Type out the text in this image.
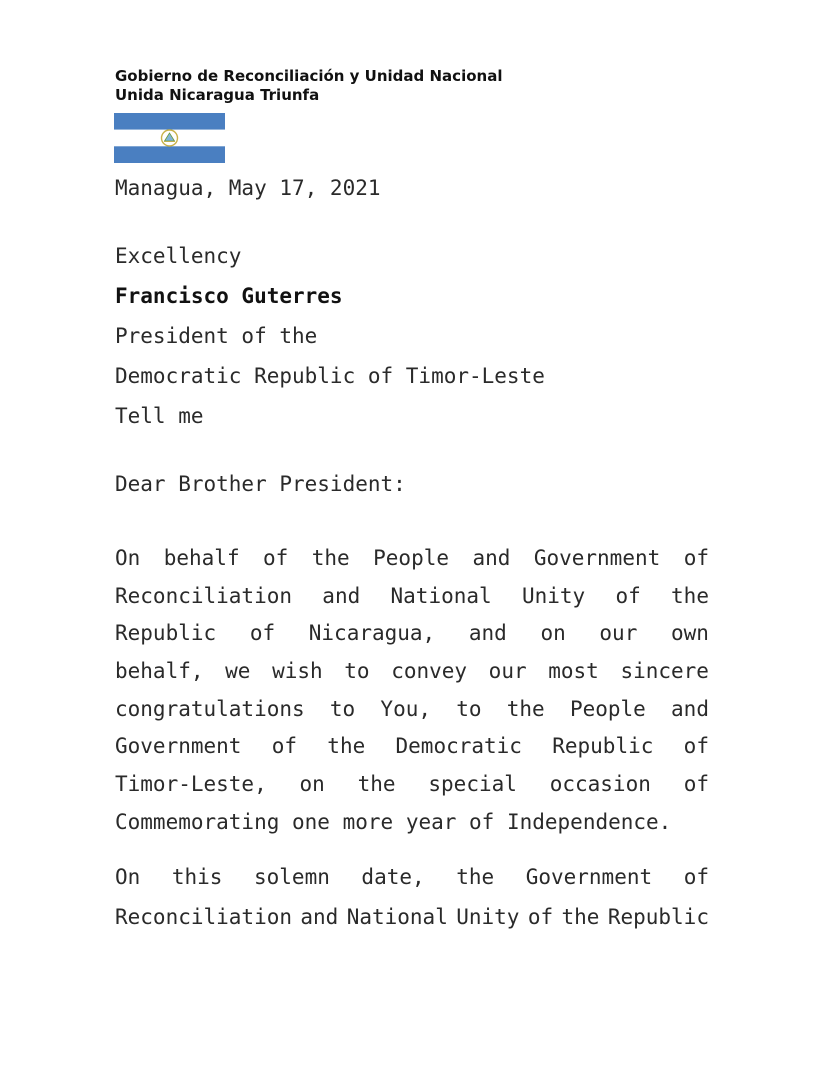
Gobierno de Reconciliación y Unidad Nacional
Unida Nicaragua Triunfa
Managua, May 17, 2021
Excellency
Francisco Guterres
President of the
Democratic Republic of Timor-Leste
Tell me
Dear Brother President:
On behalf of the People and Government of
Reconciliation and National Unity of the
Republic of Nicaragua, and on our own
behalf, we wish to convey our most sincere
congratulations to You, to the People and
Government of the Democratic Republic of
Timor-Leste, on the special occasion of
Commemorating one more year of Independence.
On this solemn date, the Government of
Reconciliation and National Unity of the Republic
